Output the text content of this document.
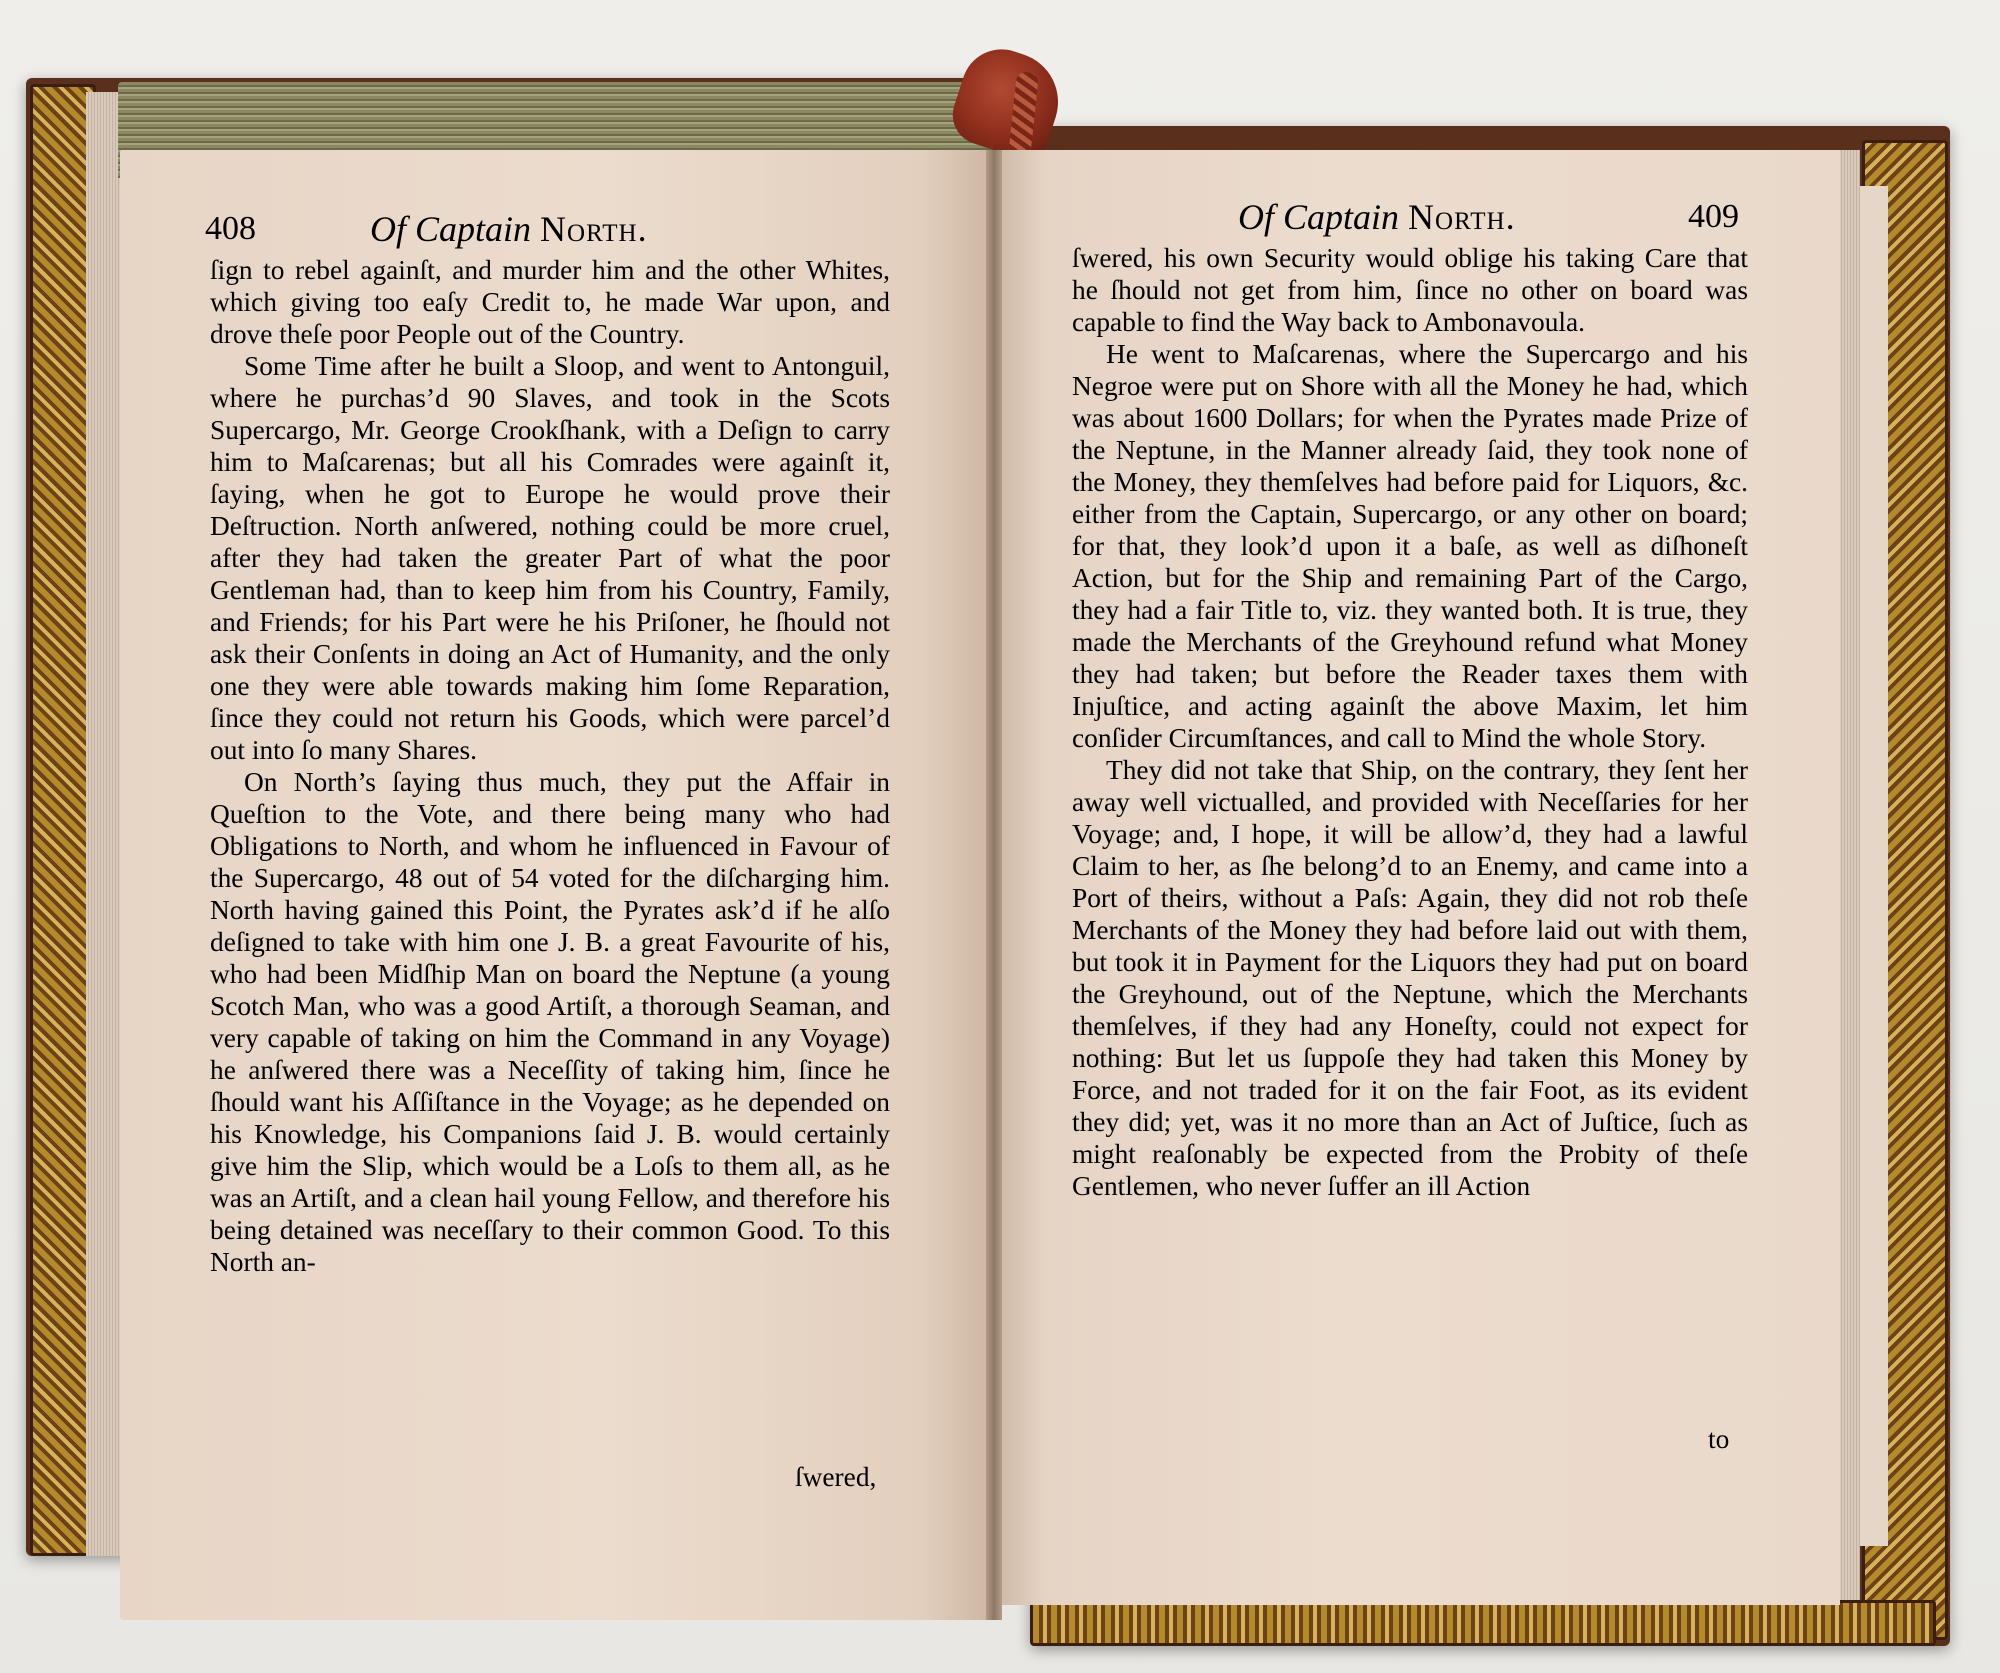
408	Of Captain North.

ſign to rebel againſt, and murder him and the other Whites, which giving too eaſy Credit to, he made War upon, and drove theſe poor People out of the Country.

Some Time after he built a Sloop, and went to Antonguil, where he purchas’d 90 Slaves, and took in the Scots Supercargo, Mr. George Crookſhank, with a Deſign to carry him to Maſcarenas; but all his Comrades were againſt it, ſaying, when he got to Europe he would prove their Deſtruction. North anſwered, nothing could be more cruel, after they had taken the greater Part of what the poor Gentleman had, than to keep him from his Country, Family, and Friends; for his Part were he his Priſoner, he ſhould not ask their Conſents in doing an Act of Humanity, and the only one they were able towards making him ſome Reparation, ſince they could not return his Goods, which were parcel’d out into ſo many Shares.

On North’s ſaying thus much, they put the Affair in Queſtion to the Vote, and there being many who had Obligations to North, and whom he influenced in Favour of the Supercargo, 48 out of 54 voted for the diſcharging him. North having gained this Point, the Pyrates ask’d if he alſo deſigned to take with him one J. B. a great Favourite of his, who had been Midſhip Man on board the Neptune (a young Scotch Man, who was a good Artiſt, a thorough Seaman, and very capable of taking on him the Command in any Voyage) he anſwered there was a Neceſſity of taking him, ſince he ſhould want his Aſſiſtance in the Voyage; as he depended on his Knowledge, his Companions ſaid J. B. would certainly give him the Slip, which would be a Loſs to them all, as he was an Artiſt, and a clean hail young Fellow, and therefore his being detained was neceſſary to their common Good. To this North an-

ſwered,
Of Captain North.	409

ſwered, his own Security would oblige his taking Care that he ſhould not get from him, ſince no other on board was capable to find the Way back to Ambonavoula.

He went to Maſcarenas, where the Supercargo and his Negroe were put on Shore with all the Money he had, which was about 1600 Dollars; for when the Pyrates made Prize of the Neptune, in the Manner already ſaid, they took none of the Money, they themſelves had before paid for Liquors, &c. either from the Captain, Supercargo, or any other on board; for that, they look’d upon it a baſe, as well as diſhoneſt Action, but for the Ship and remaining Part of the Cargo, they had a fair Title to, viz. they wanted both. It is true, they made the Merchants of the Greyhound refund what Money they had taken; but before the Reader taxes them with Injuſtice, and acting againſt the above Maxim, let him conſider Circumſtances, and call to Mind the whole Story.

They did not take that Ship, on the contrary, they ſent her away well victualled, and provided with Neceſſaries for her Voyage; and, I hope, it will be allow’d, they had a lawful Claim to her, as ſhe belong’d to an Enemy, and came into a Port of theirs, without a Paſs: Again, they did not rob theſe Merchants of the Money they had before laid out with them, but took it in Payment for the Liquors they had put on board the Greyhound, out of the Neptune, which the Merchants themſelves, if they had any Honeſty, could not expect for nothing: But let us ſuppoſe they had taken this Money by Force, and not traded for it on the fair Foot, as its evident they did; yet, was it no more than an Act of Juſtice, ſuch as might reaſonably be expected from the Probity of theſe Gentlemen, who never ſuffer an ill Action

to
